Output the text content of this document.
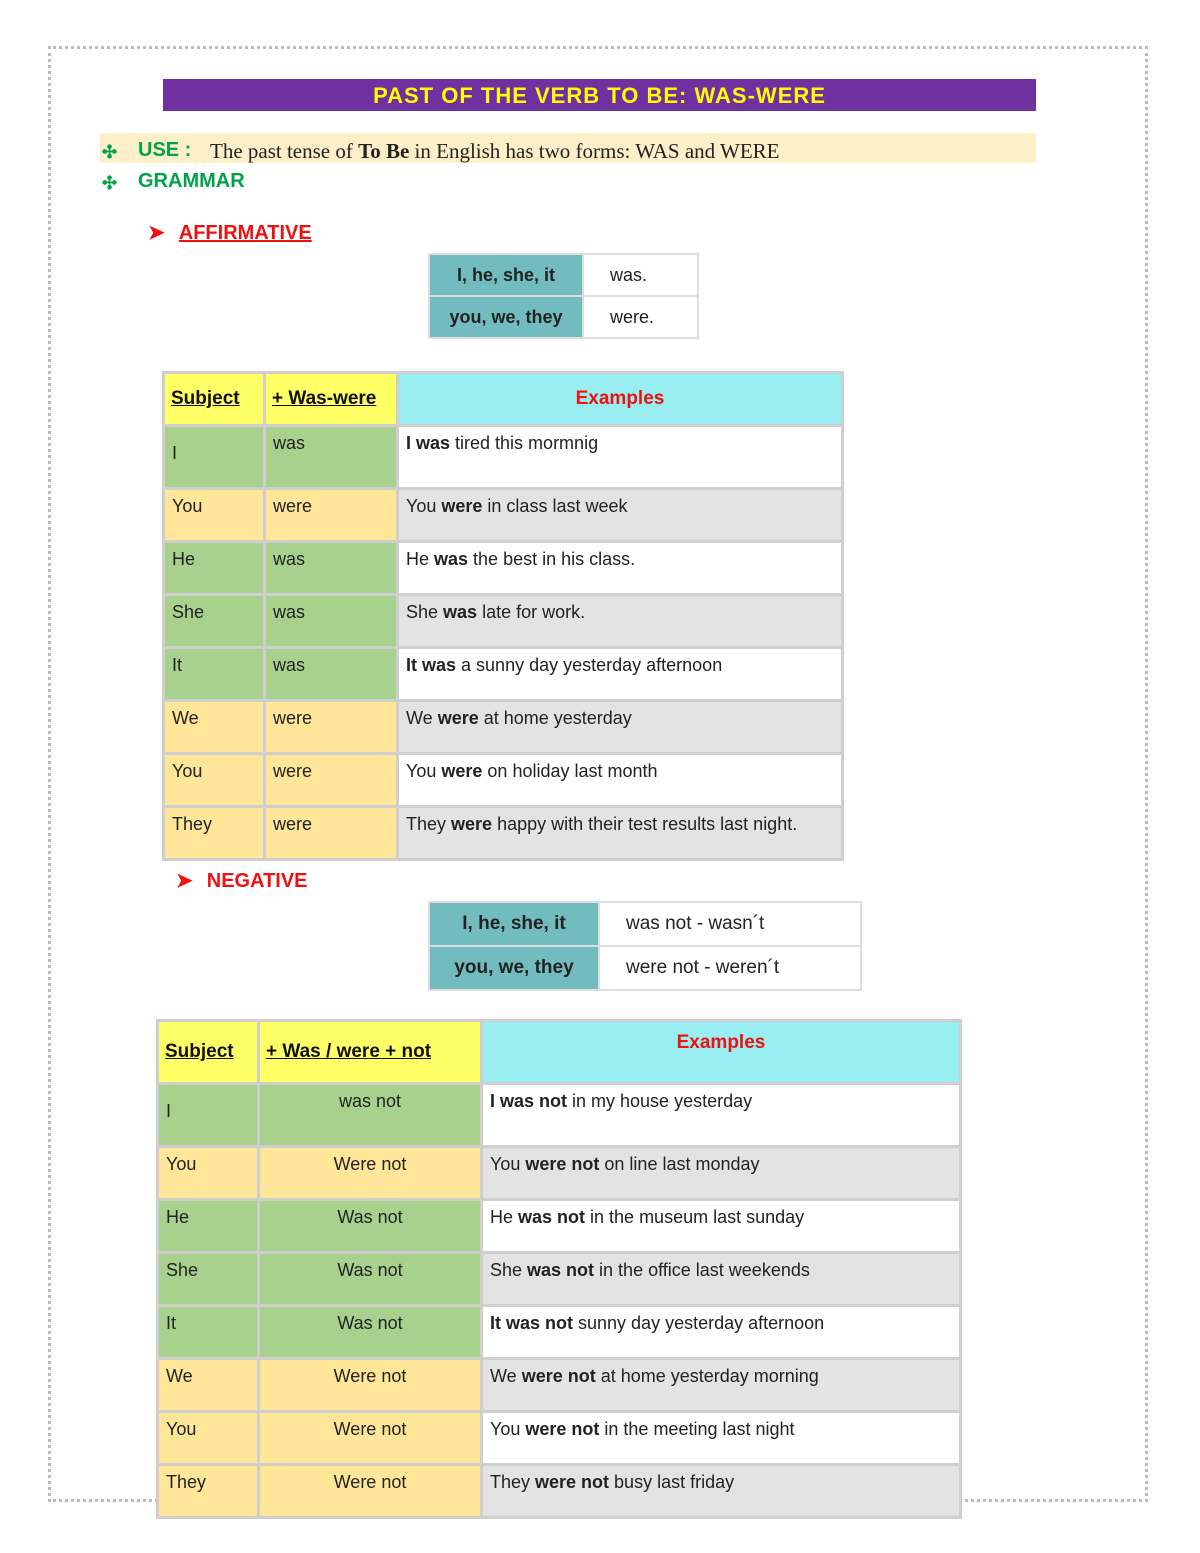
PAST OF THE VERB TO BE: WAS-WERE
✣ USE : The past tense of To Be in English has two forms: WAS and WERE
✣ GRAMMAR
➤ AFFIRMATIVE
I, he, she, it	was.
you, we, they	were.
Subject	+ Was-were	Examples
I	was	I was tired this mormnig
You	were	You were in class last week
He	was	He was the best in his class.
She	was	She was late for work.
It	was	It was a sunny day yesterday afternoon
We	were	We were at home yesterday
You	were	You were on holiday last month
They	were	They were happy with their test results last night.
➤ NEGATIVE
I, he, she, it	was not - wasn´t
you, we, they	were not - weren´t
Subject	+ Was / were + not	Examples
I	was not	I was not in my house yesterday
You	Were not	You were not on line last monday
He	Was not	He was not in the museum last sunday
She	Was not	She was not in the office last weekends
It	Was not	It was not sunny day yesterday afternoon
We	Were not	We were not at home yesterday morning
You	Were not	You were not in the meeting last night
They	Were not	They were not busy last friday
